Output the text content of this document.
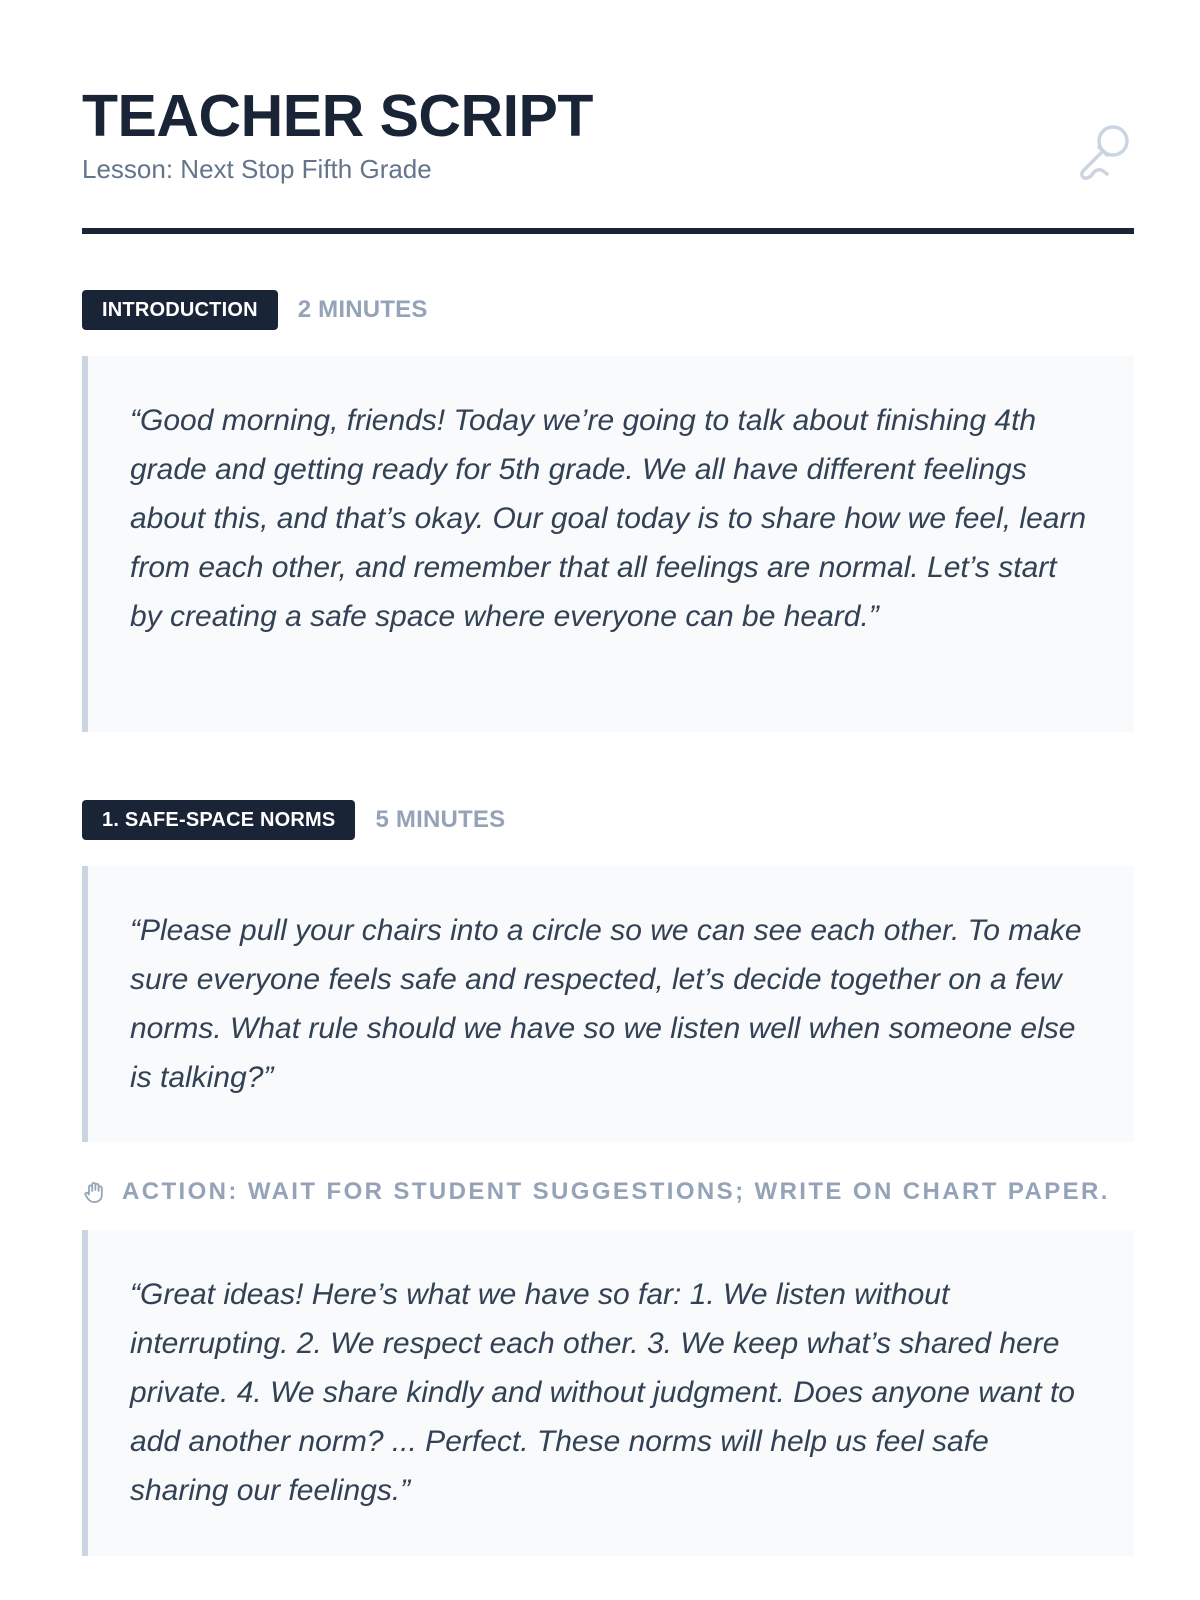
TEACHER SCRIPT
Lesson: Next Stop Fifth Grade
INTRODUCTION	2 MINUTES
“Good morning, friends! Today we’re going to talk about finishing 4th grade and getting ready for 5th grade. We all have different feelings about this, and that’s okay. Our goal today is to share how we feel, learn from each other, and remember that all feelings are normal. Let’s start by creating a safe space where everyone can be heard.”
1. SAFE-SPACE NORMS	5 MINUTES
“Please pull your chairs into a circle so we can see each other. To make sure everyone feels safe and respected, let’s decide together on a few norms. What rule should we have so we listen well when someone else is talking?”
ACTION: WAIT FOR STUDENT SUGGESTIONS; WRITE ON CHART PAPER.
“Great ideas! Here’s what we have so far: 1. We listen without interrupting. 2. We respect each other. 3. We keep what’s shared here private. 4. We share kindly and without judgment. Does anyone want to add another norm? ... Perfect. These norms will help us feel safe sharing our feelings.”
